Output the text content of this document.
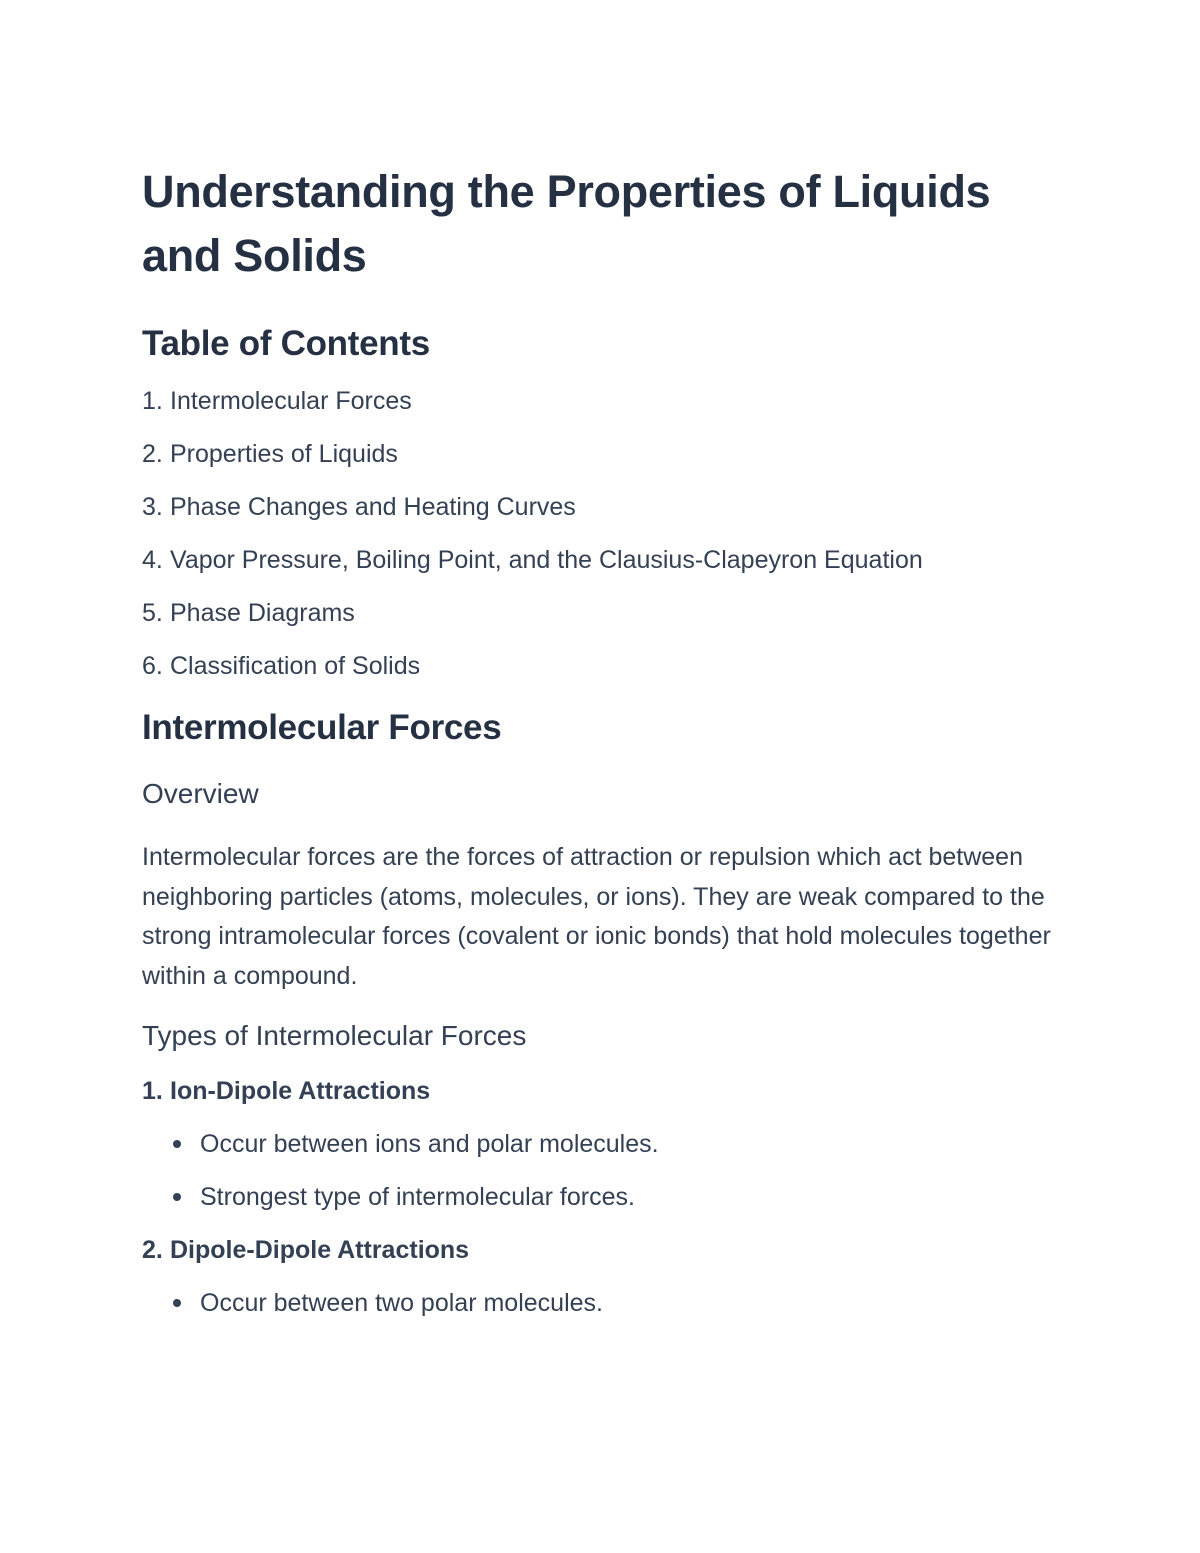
Understanding the Properties of Liquids and Solids
Table of Contents
1. Intermolecular Forces
2. Properties of Liquids
3. Phase Changes and Heating Curves
4. Vapor Pressure, Boiling Point, and the Clausius-Clapeyron Equation
5. Phase Diagrams
6. Classification of Solids
Intermolecular Forces
Overview

Intermolecular forces are the forces of attraction or repulsion which act between neighboring particles (atoms, molecules, or ions). They are weak compared to the strong intramolecular forces (covalent or ionic bonds) that hold molecules together within a compound.

Types of Intermolecular Forces
1. Ion-Dipole Attractions
Occur between ions and polar molecules.
Strongest type of intermolecular forces.
2. Dipole-Dipole Attractions
Occur between two polar molecules.
